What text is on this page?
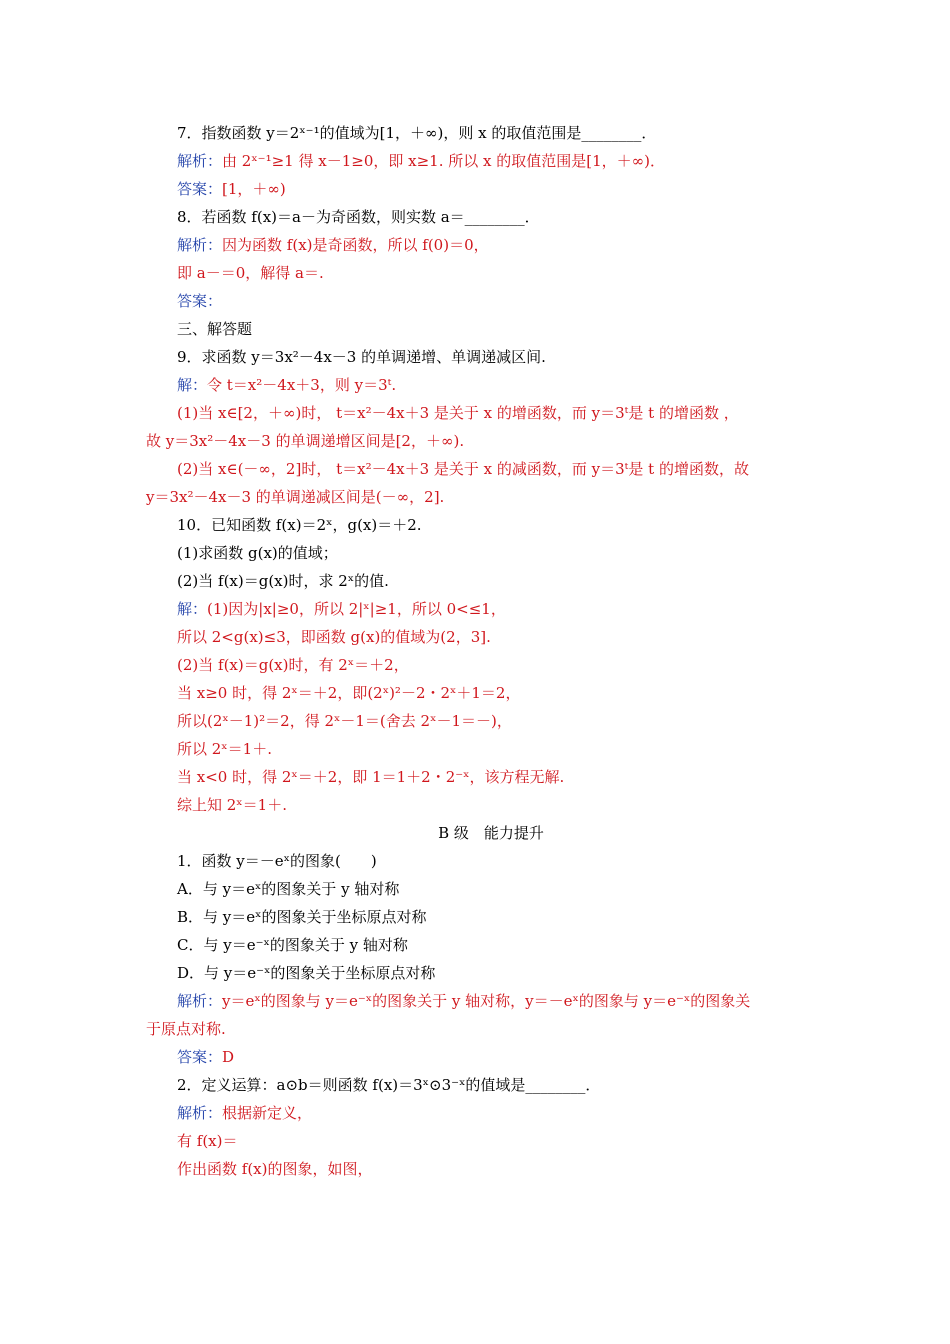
7．指数函数 y＝2ˣ⁻¹的值域为[1，＋∞)，则 x 的取值范围是________．
解析：由 2ˣ⁻¹≥1 得 x－1≥0，即 x≥1. 所以 x 的取值范围是[1，＋∞)．
答案：[1，＋∞)
8．若函数 f(x)＝a－为奇函数，则实数 a＝________．
解析：因为函数 f(x)是奇函数，所以 f(0)＝0，
即 a－＝0，解得 a＝.
答案：
三、解答题
9．求函数 y＝3x²－4x－3 的单调递增、单调递减区间.
解：令 t＝x²－4x＋3，则 y＝3ᵗ.
(1)当 x∈[2，＋∞)时， t＝x²－4x＋3 是关于 x 的增函数，而 y＝3ᵗ是 t 的增函数 ，
故 y＝3x²－4x－3 的单调递增区间是[2，＋∞).
(2)当 x∈(－∞，2]时， t＝x²－4x＋3 是关于 x 的减函数，而 y＝3ᵗ是 t 的增函数，故
y＝3x²－4x－3 的单调递减区间是(－∞，2].
10．已知函数 f(x)＝2ˣ，g(x)＝＋2.
(1)求函数 g(x)的值域；
(2)当 f(x)＝g(x)时，求 2ˣ的值.
解：(1)因为|x|≥0，所以 2|ˣ|≥1，所以 0<≤1，
所以 2<g(x)≤3，即函数 g(x)的值域为(2，3].
(2)当 f(x)＝g(x)时，有 2ˣ＝＋2，
当 x≥0 时，得 2ˣ＝＋2，即(2ˣ)²－2・2ˣ＋1＝2，
所以(2ˣ－1)²＝2，得 2ˣ－1＝(舍去 2ˣ－1＝－)，
所以 2ˣ＝1＋.
当 x<0 时，得 2ˣ＝＋2，即 1＝1＋2・2⁻ˣ，该方程无解.
综上知 2ˣ＝1＋.
B 级　能力提升
1．函数 y＝－eˣ的图象(　　)
A．与 y＝eˣ的图象关于 y 轴对称
B．与 y＝eˣ的图象关于坐标原点对称
C．与 y＝e⁻ˣ的图象关于 y 轴对称
D．与 y＝e⁻ˣ的图象关于坐标原点对称
解析：y＝eˣ的图象与 y＝e⁻ˣ的图象关于 y 轴对称，y＝－eˣ的图象与 y＝e⁻ˣ的图象关
于原点对称.
答案：D
2．定义运算：a⊙b＝则函数 f(x)＝3ˣ⊙3⁻ˣ的值域是________．
解析：根据新定义，
有 f(x)＝
作出函数 f(x)的图象，如图，
